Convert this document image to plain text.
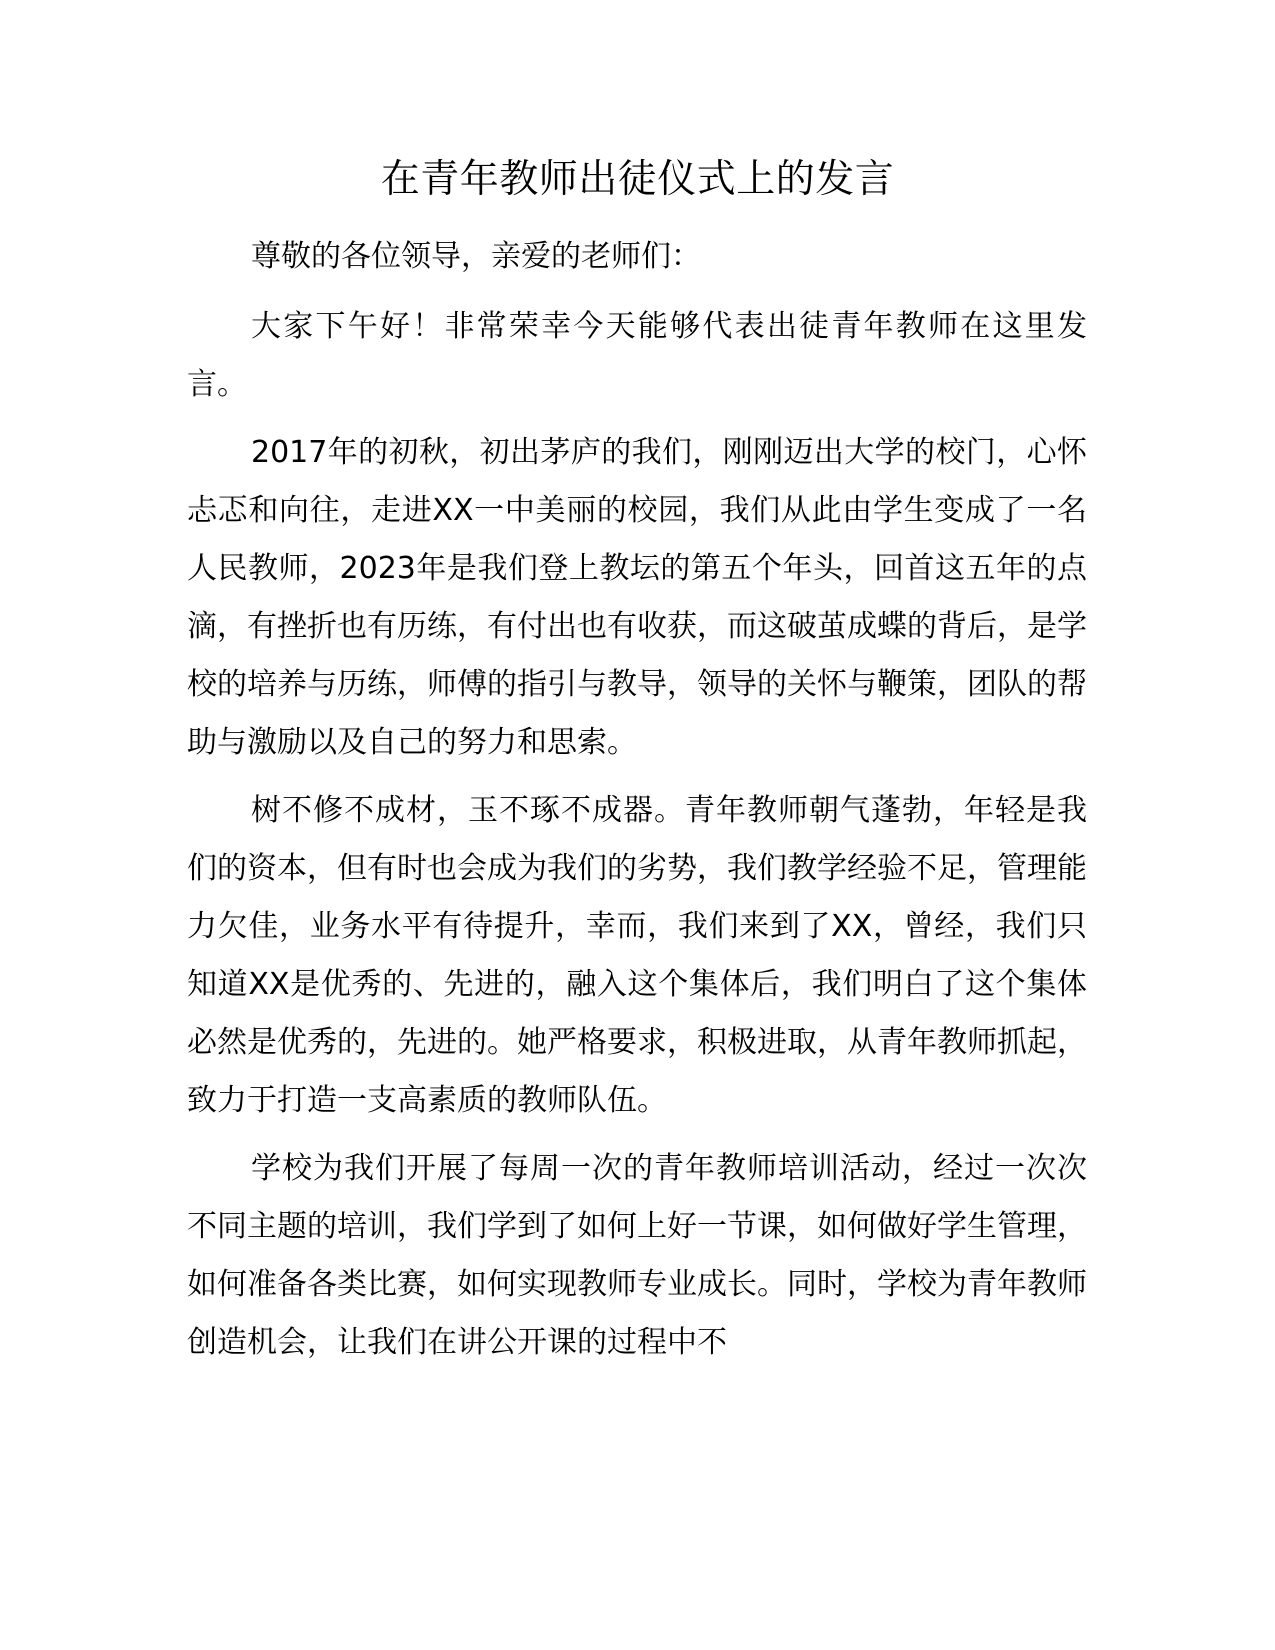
在青年教师出徒仪式上的发言

尊敬的各位领导，亲爱的老师们：

大家下午好！非常荣幸今天能够代表出徒青年教师在这里发言。

2017年的初秋，初出茅庐的我们，刚刚迈出大学的校门，心怀忐忑和向往，走进XX一中美丽的校园，我们从此由学生变成了一名人民教师，2023年是我们登上教坛的第五个年头，回首这五年的点滴，有挫折也有历练，有付出也有收获，而这破茧成蝶的背后，是学校的培养与历练，师傅的指引与教导，领导的关怀与鞭策，团队的帮助与激励以及自己的努力和思索。

树不修不成材，玉不琢不成器。青年教师朝气蓬勃，年轻是我们的资本，但有时也会成为我们的劣势，我们教学经验不足，管理能力欠佳，业务水平有待提升，幸而，我们来到了XX，曾经，我们只知道XX是优秀的、先进的，融入这个集体后，我们明白了这个集体必然是优秀的，先进的。她严格要求，积极进取，从青年教师抓起，致力于打造一支高素质的教师队伍。

学校为我们开展了每周一次的青年教师培训活动，经过一次次不同主题的培训，我们学到了如何上好一节课，如何做好学生管理，如何准备各类比赛，如何实现教师专业成长。同时，学校为青年教师创造机会，让我们在讲公开课的过程中不
